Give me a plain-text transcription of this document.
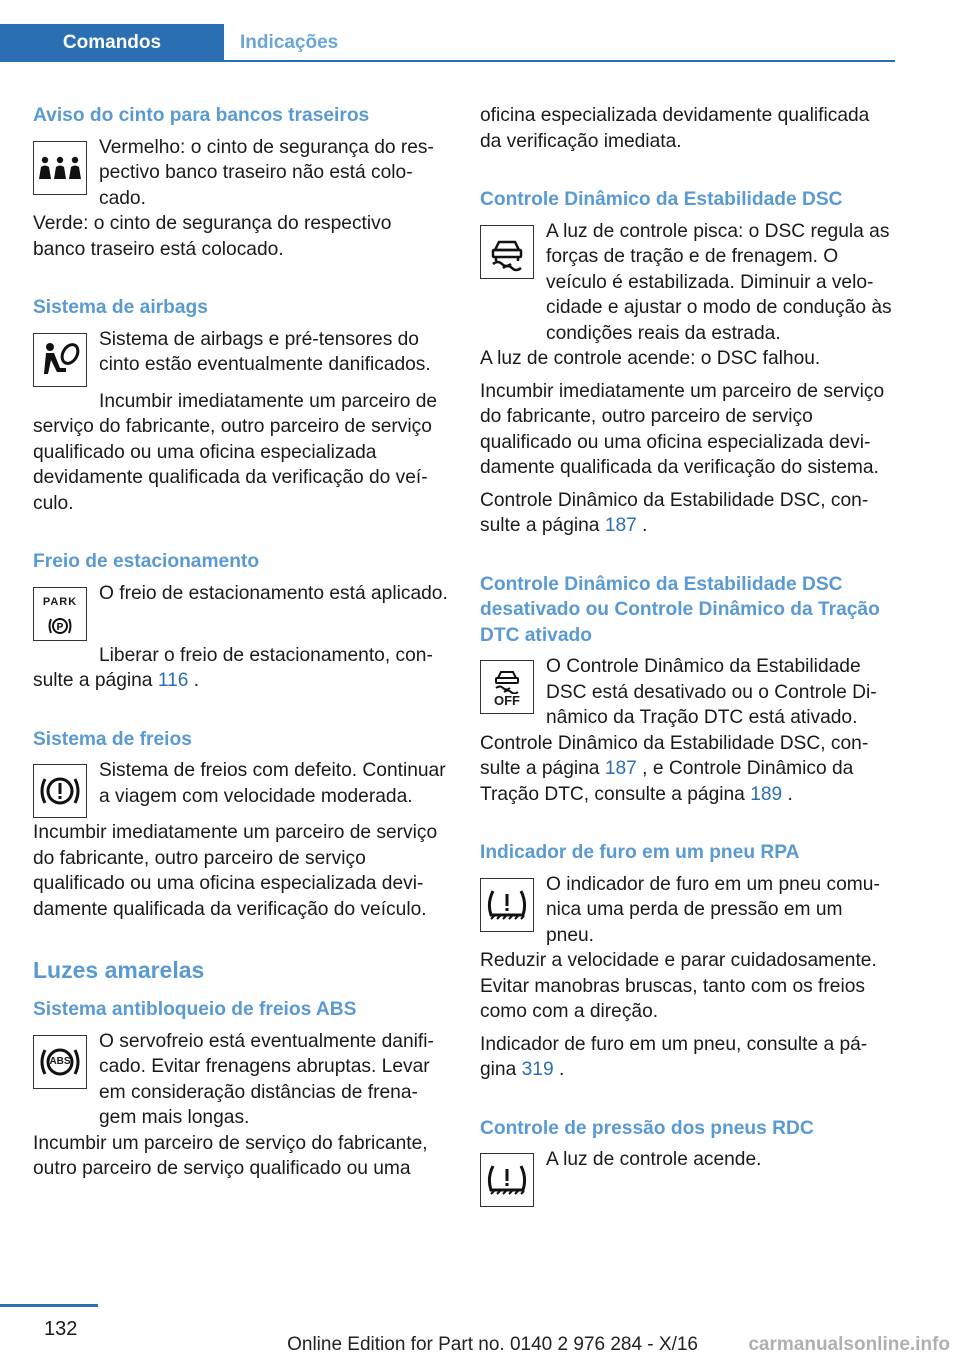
Comandos	Indicações
Aviso do cinto para bancos traseiros
Vermelho: o cinto de segurança do respectivo banco traseiro não está colocado.
Verde: o cinto de segurança do respectivo banco traseiro está colocado.
Sistema de airbags
Sistema de airbags e pré-tensores do cinto estão eventualmente danificados.
Incumbir imediatamente um parceiro de serviço do fabricante, outro parceiro de serviço qualificado ou uma oficina especializada devidamente qualificada da verificação do veículo.
Freio de estacionamento
PARK
P
O freio de estacionamento está aplicado.
Liberar o freio de estacionamento, consulte a página 116 .
Sistema de freios
Sistema de freios com defeito. Continuar a viagem com velocidade moderada.
Incumbir imediatamente um parceiro de serviço do fabricante, outro parceiro de serviço qualificado ou uma oficina especializada devidamente qualificada da verificação do veículo.
Luzes amarelas
Sistema antibloqueio de freios ABS
ABS
O servofreio está eventualmente danificado. Evitar frenagens abruptas. Levar em consideração distâncias de frenagem mais longas.
Incumbir um parceiro de serviço do fabricante, outro parceiro de serviço qualificado ou uma
oficina especializada devidamente qualificada da verificação imediata.
Controle Dinâmico da Estabilidade DSC
A luz de controle pisca: o DSC regula as forças de tração e de frenagem. O veículo é estabilizada. Diminuir a velocidade e ajustar o modo de condução às condições reais da estrada.
A luz de controle acende: o DSC falhou.
Incumbir imediatamente um parceiro de serviço do fabricante, outro parceiro de serviço qualificado ou uma oficina especializada devidamente qualificada da verificação do sistema.
Controle Dinâmico da Estabilidade DSC, consulte a página 187 .
Controle Dinâmico da Estabilidade DSC desativado ou Controle Dinâmico da Tração DTC ativado
OFF
O Controle Dinâmico da Estabilidade DSC está desativado ou o Controle Dinâmico da Tração DTC está ativado.
Controle Dinâmico da Estabilidade DSC, consulte a página 187 , e Controle Dinâmico da Tração DTC, consulte a página 189 .
Indicador de furo em um pneu RPA
O indicador de furo em um pneu comunica uma perda de pressão em um pneu.
Reduzir a velocidade e parar cuidadosamente. Evitar manobras bruscas, tanto com os freios como com a direção.
Indicador de furo em um pneu, consulte a página 319 .
Controle de pressão dos pneus RDC
A luz de controle acende.
132
Online Edition for Part no. 0140 2 976 284 - X/16	carmanualsonline.info
